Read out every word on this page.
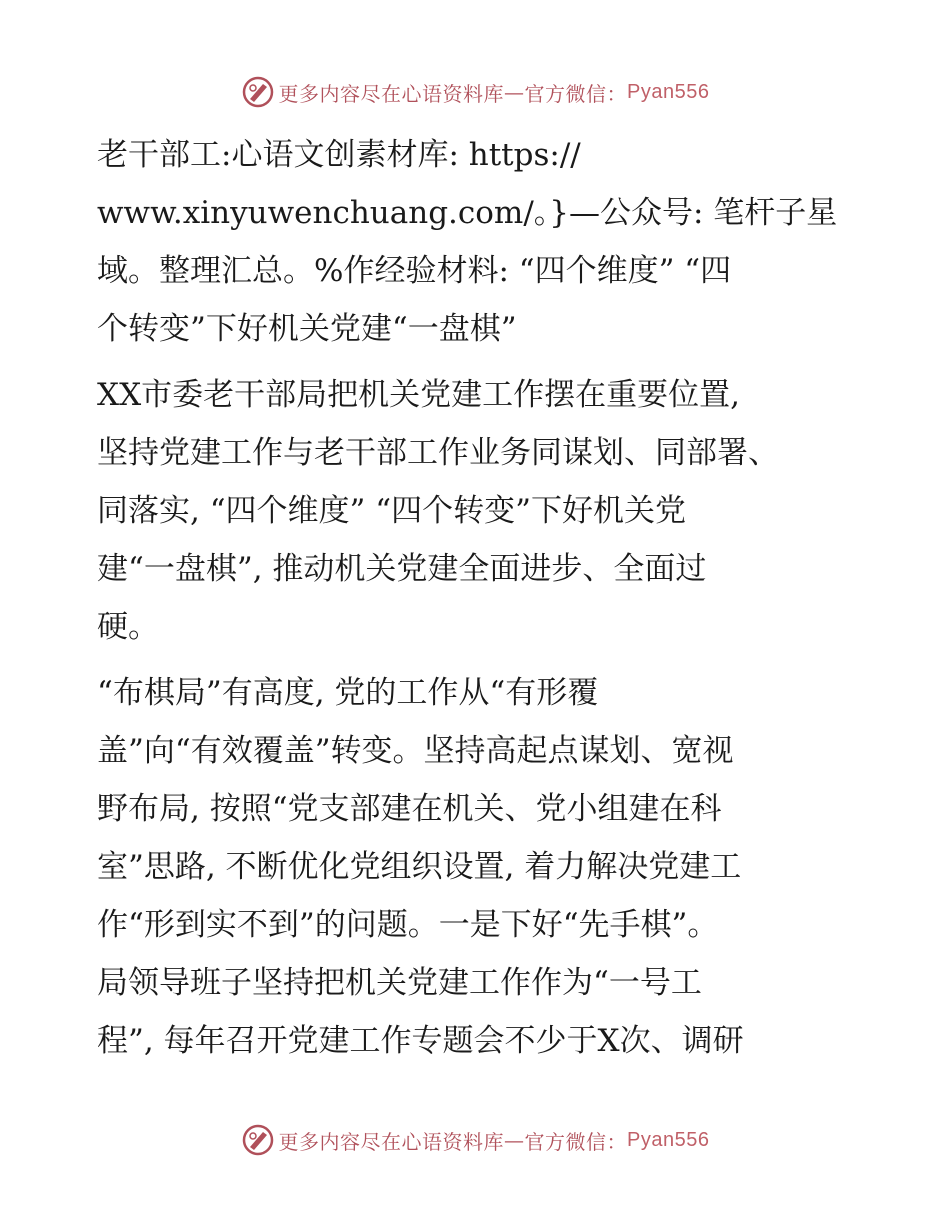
更多内容尽在心语资料库 — 官方微信： Pyan556
老干部工:心语文创素材库: https://
www.xinyuwenchuang.com/。}—公众号: 笔杆子星
域。整理汇总。%作经验材料: “四个维度” “四
个转变”下好机关党建“一盘棋”
XX市委老干部局把机关党建工作摆在重要位置,
坚持党建工作与老干部工作业务同谋划、同部署、
同落实, “四个维度” “四个转变”下好机关党
建“一盘棋”, 推动机关党建全面进步、全面过
硬。
“布棋局”有高度, 党的工作从“有形覆
盖”向“有效覆盖”转变。坚持高起点谋划、宽视
野布局, 按照“党支部建在机关、党小组建在科
室”思路, 不断优化党组织设置, 着力解决党建工
作“形到实不到”的问题。一是下好“先手棋”。
局领导班子坚持把机关党建工作作为“一号工
程”, 每年召开党建工作专题会不少于X次、调研
更多内容尽在心语资料库 — 官方微信： Pyan556
